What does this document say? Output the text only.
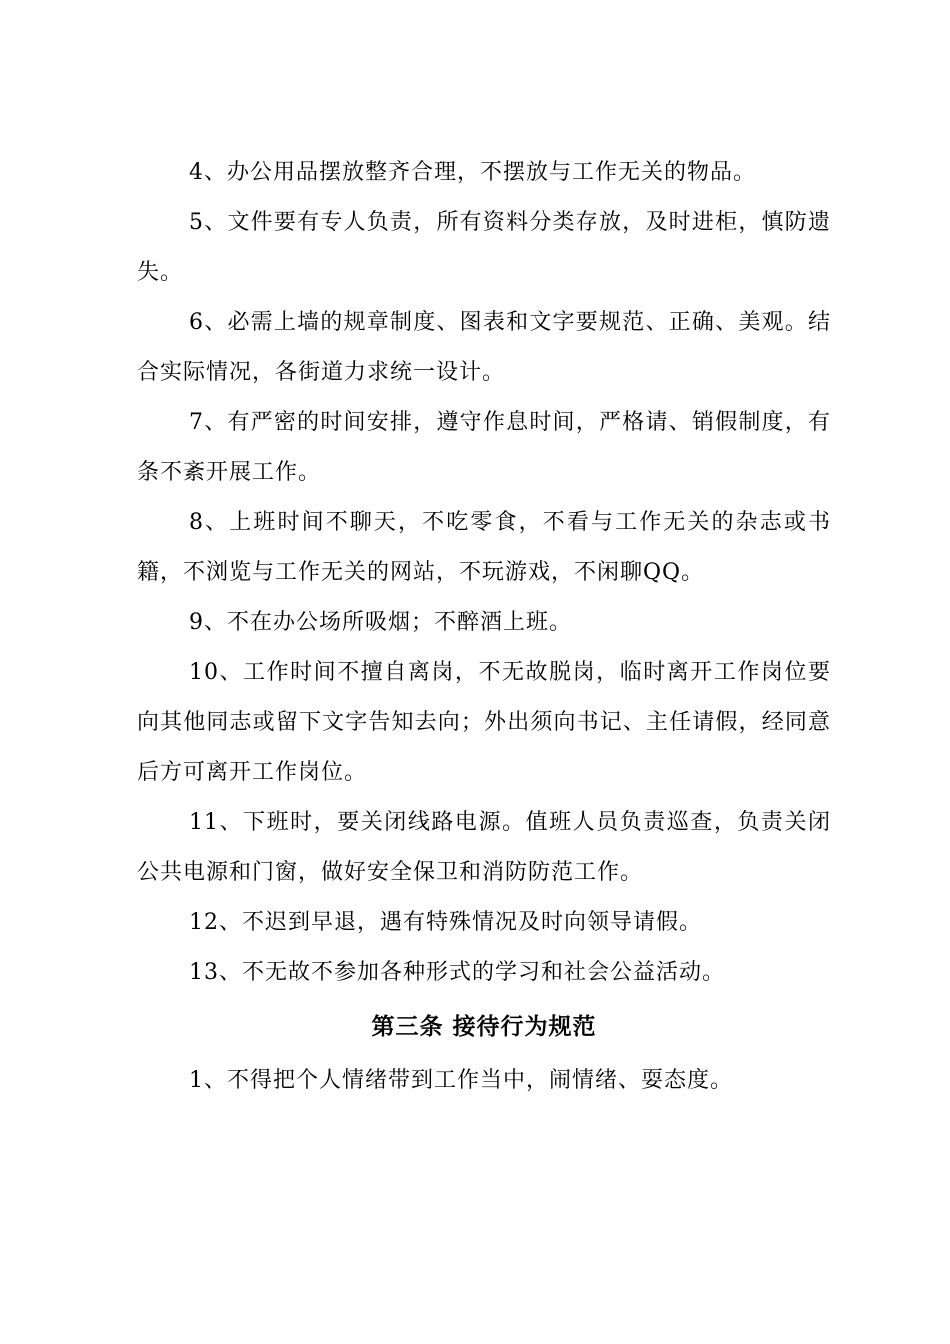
4、办公用品摆放整齐合理，不摆放与工作无关的物品。

5、文件要有专人负责，所有资料分类存放，及时进柜，慎防遗失。

6、必需上墙的规章制度、图表和文字要规范、正确、美观。结合实际情况，各街道力求统一设计。

7、有严密的时间安排，遵守作息时间，严格请、销假制度，有条不紊开展工作。

8、上班时间不聊天，不吃零食，不看与工作无关的杂志或书籍，不浏览与工作无关的网站，不玩游戏，不闲聊QQ。

9、不在办公场所吸烟；不醉酒上班。

10、工作时间不擅自离岗，不无故脱岗，临时离开工作岗位要向其他同志或留下文字告知去向；外出须向书记、主任请假，经同意后方可离开工作岗位。

11、下班时，要关闭线路电源。值班人员负责巡查，负责关闭公共电源和门窗，做好安全保卫和消防防范工作。

12、不迟到早退，遇有特殊情况及时向领导请假。

13、不无故不参加各种形式的学习和社会公益活动。

第三条 接待行为规范

1、不得把个人情绪带到工作当中，闹情绪、耍态度。
